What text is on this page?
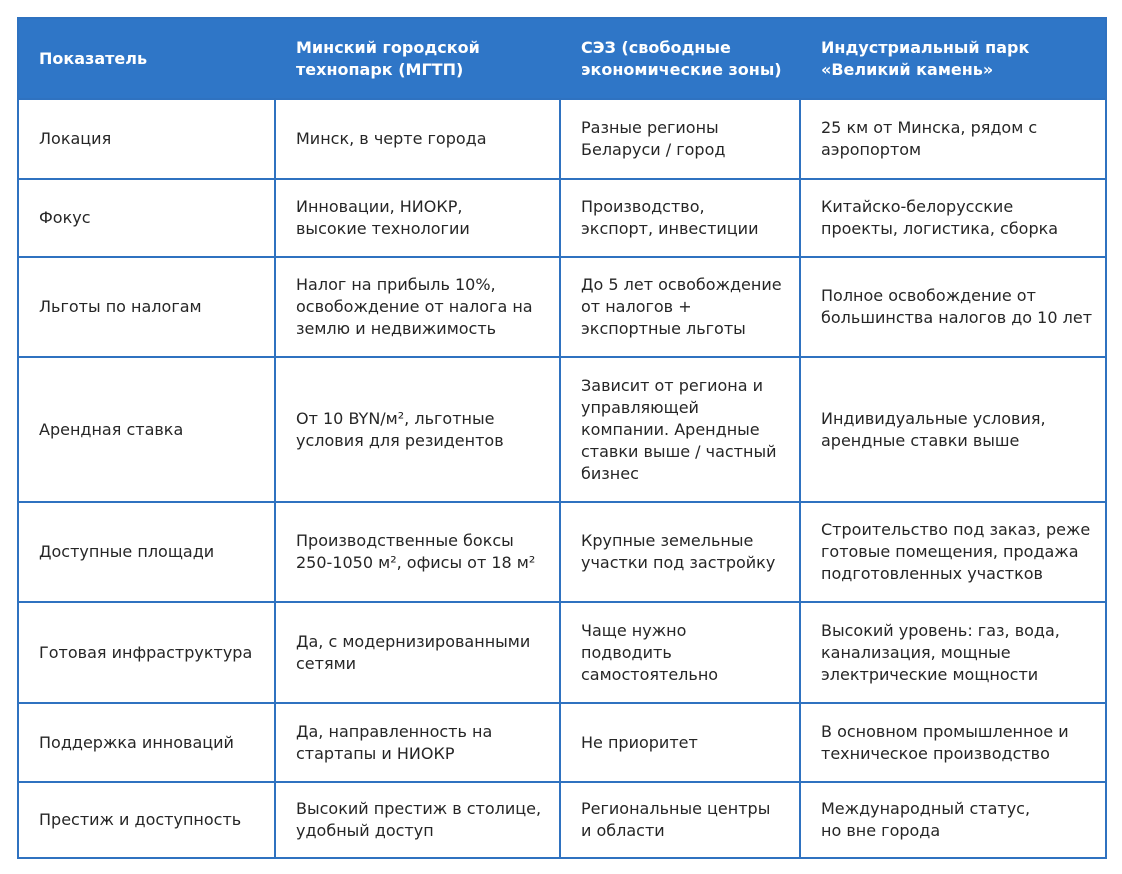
Показатель
Минский городской
технопарк (МГТП)
СЭЗ (свободные
экономические зоны)
Индустриальный парк
«Великий камень»
Локация	Минск, в черте города
Разные регионы
Беларуси / город
25 км от Минска, рядом с
аэропортом
Фокус
Инновации, НИОКР,
высокие технологии
Производство,
экспорт, инвестиции
Китайско-белорусские
проекты, логистика, сборка
Льготы по налогам
Налог на прибыль 10%,
освобождение от налога на
землю и недвижимость
До 5 лет освобождение
от налогов +
экспортные льготы
Полное освобождение от
большинства налогов до 10 лет
Арендная ставка
От 10 BYN/м², льготные
условия для резидентов
Зависит от региона и
управляющей
компании. Арендные
ставки выше / частный
бизнес
Индивидуальные условия,
арендные ставки выше
Доступные площади
Производственные боксы
250-1050 м², офисы от 18 м²
Крупные земельные
участки под застройку
Строительство под заказ, реже
готовые помещения, продажа
подготовленных участков
Готовая инфраструктура
Да, с модернизированными
сетями
Чаще нужно
подводить
самостоятельно
Высокий уровень: газ, вода,
канализация, мощные
электрические мощности
Поддержка инноваций
Да, направленность на
стартапы и НИОКР
Не приоритет
В основном промышленное и
техническое производство
Престиж и доступность
Высокий престиж в столице,
удобный доступ
Региональные центры
и области
Международный статус,
но вне города
